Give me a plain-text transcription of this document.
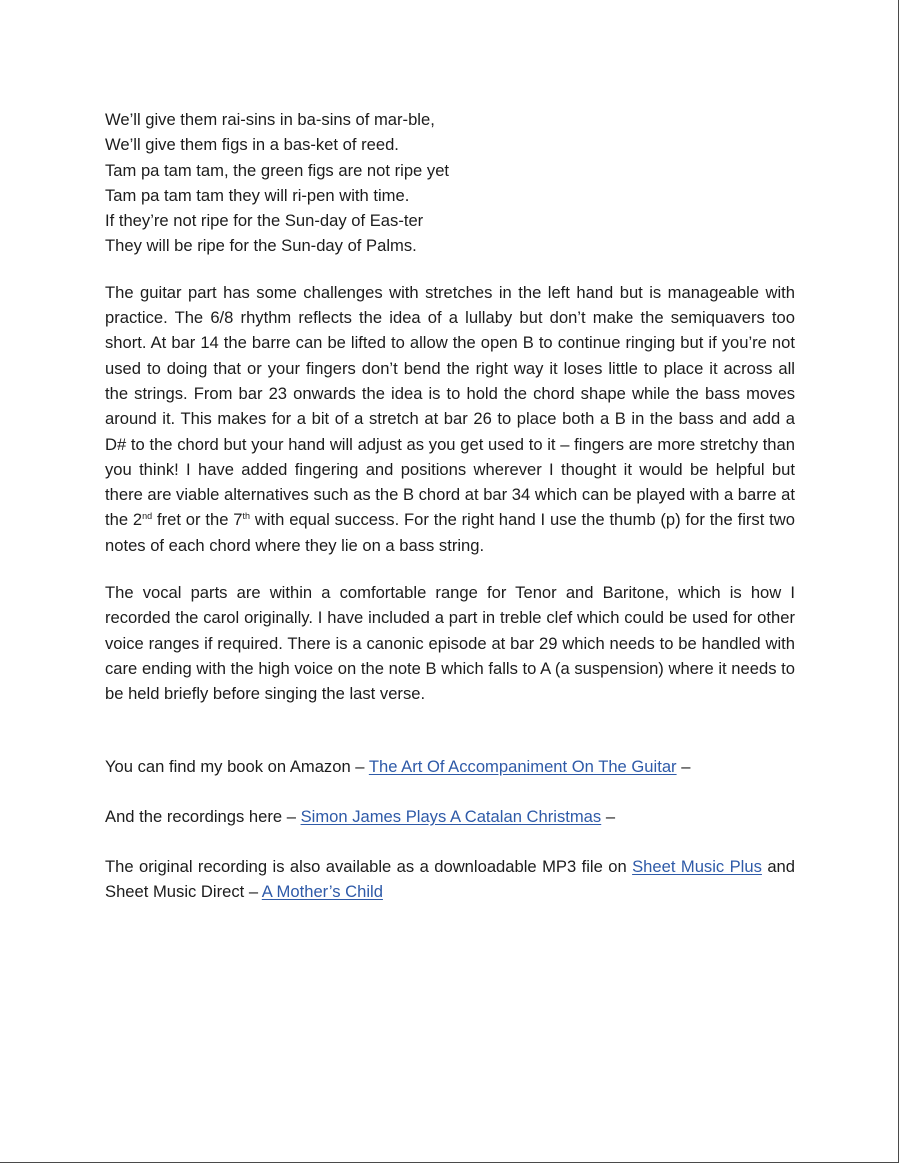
We’ll give them rai-sins in ba-sins of mar-ble,
We’ll give them figs in a bas-ket of reed.
Tam pa tam tam, the green figs are not ripe yet
Tam pa tam tam they will ri-pen with time.
If they’re not ripe for the Sun-day of Eas-ter
They will be ripe for the Sun-day of Palms.

The guitar part has some challenges with stretches in the left hand but is manageable with practice. The 6/8 rhythm reflects the idea of a lullaby but don’t make the semiquavers too short. At bar 14 the barre can be lifted to allow the open B to continue ringing but if you’re not used to doing that or your fingers don’t bend the right way it loses little to place it across all the strings. From bar 23 onwards the idea is to hold the chord shape while the bass moves around it. This makes for a bit of a stretch at bar 26 to place both a B in the bass and add a D# to the chord but your hand will adjust as you get used to it – fingers are more stretchy than you think! I have added fingering and positions wherever I thought it would be helpful but there are viable alternatives such as the B chord at bar 34 which can be played with a barre at the 2nd fret or the 7th with equal success. For the right hand I use the thumb (p) for the first two notes of each chord where they lie on a bass string.

The vocal parts are within a comfortable range for Tenor and Baritone, which is how I recorded the carol originally. I have included a part in treble clef which could be used for other voice ranges if required. There is a canonic episode at bar 29 which needs to be handled with care ending with the high voice on the note B which falls to A (a suspension) where it needs to be held briefly before singing the last verse.

You can find my book on Amazon – The Art Of Accompaniment On The Guitar –

And the recordings here – Simon James Plays A Catalan Christmas –

The original recording is also available as a downloadable MP3 file on Sheet Music Plus and Sheet Music Direct – A Mother’s Child
